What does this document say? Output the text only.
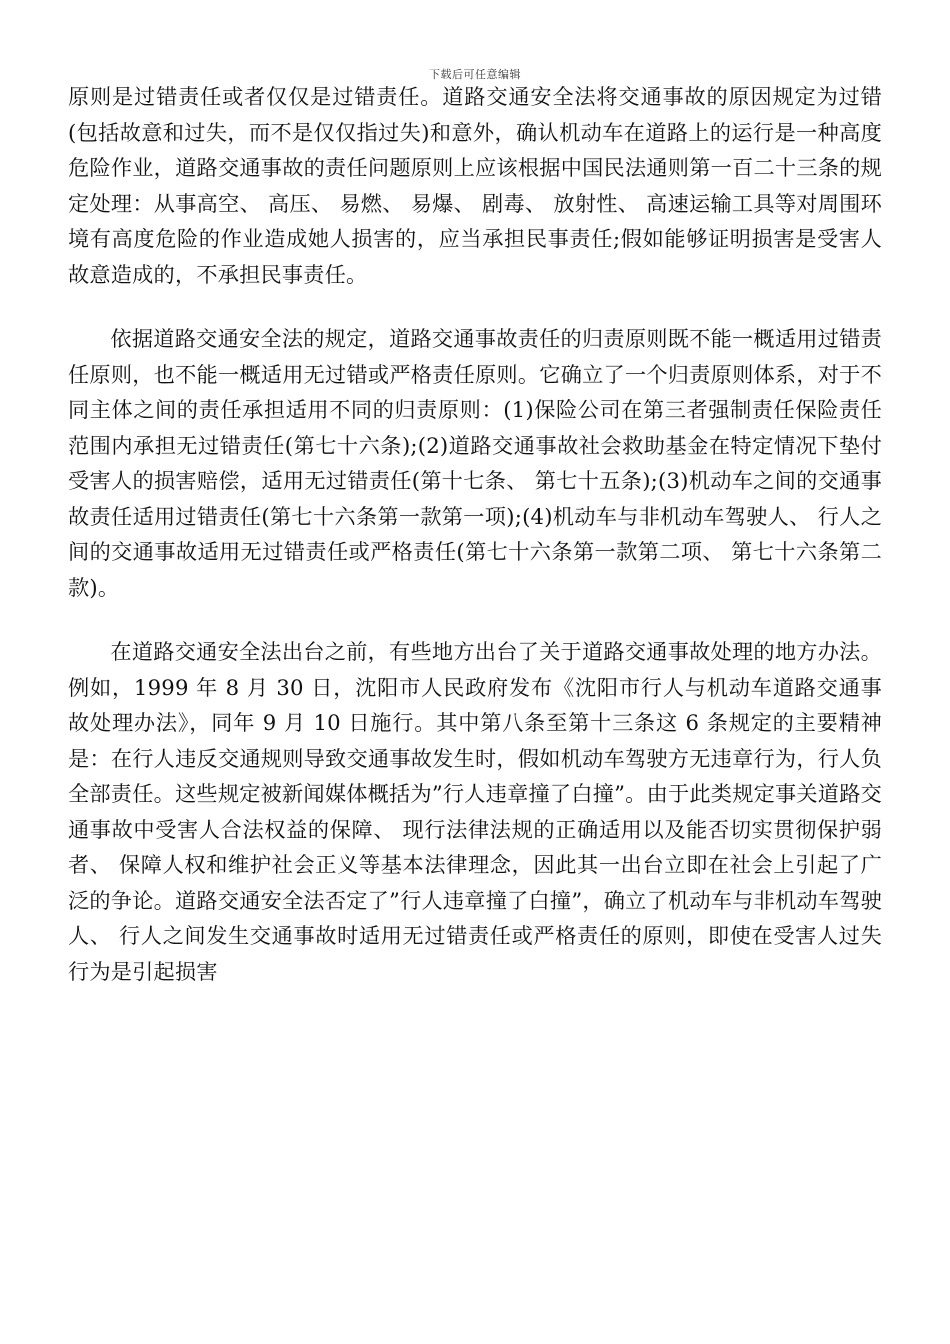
下载后可任意编辑

原则是过错责任或者仅仅是过错责任。道路交通安全法将交通事故的原因规定为过错(包括故意和过失，而不是仅仅指过失)和意外，确认机动车在道路上的运行是一种高度危险作业，道路交通事故的责任问题原则上应该根据中国民法通则第一百二十三条的规定处理：从事高空、 高压、 易燃、 易爆、 剧毒、 放射性、 高速运输工具等对周围环境有高度危险的作业造成她人损害的，应当承担民事责任;假如能够证明损害是受害人故意造成的，不承担民事责任。

依据道路交通安全法的规定，道路交通事故责任的归责原则既不能一概适用过错责任原则，也不能一概适用无过错或严格责任原则。它确立了一个归责原则体系，对于不同主体之间的责任承担适用不同的归责原则：(1)保险公司在第三者强制责任保险责任范围内承担无过错责任(第七十六条);(2)道路交通事故社会救助基金在特定情况下垫付受害人的损害赔偿，适用无过错责任(第十七条、 第七十五条);(3)机动车之间的交通事故责任适用过错责任(第七十六条第一款第一项);(4)机动车与非机动车驾驶人、 行人之间的交通事故适用无过错责任或严格责任(第七十六条第一款第二项、 第七十六条第二款)。

在道路交通安全法出台之前，有些地方出台了关于道路交通事故处理的地方办法。例如，1999 年 8 月 30 日，沈阳市人民政府发布《沈阳市行人与机动车道路交通事故处理办法》，同年 9 月 10 日施行。其中第八条至第十三条这 6 条规定的主要精神是：在行人违反交通规则导致交通事故发生时，假如机动车驾驶方无违章行为，行人负全部责任。这些规定被新闻媒体概括为”行人违章撞了白撞”。由于此类规定事关道路交通事故中受害人合法权益的保障、 现行法律法规的正确适用以及能否切实贯彻保护弱者、 保障人权和维护社会正义等基本法律理念，因此其一出台立即在社会上引起了广泛的争论。道路交通安全法否定了”行人违章撞了白撞”，确立了机动车与非机动车驾驶人、 行人之间发生交通事故时适用无过错责任或严格责任的原则，即使在受害人过失行为是引起损害
